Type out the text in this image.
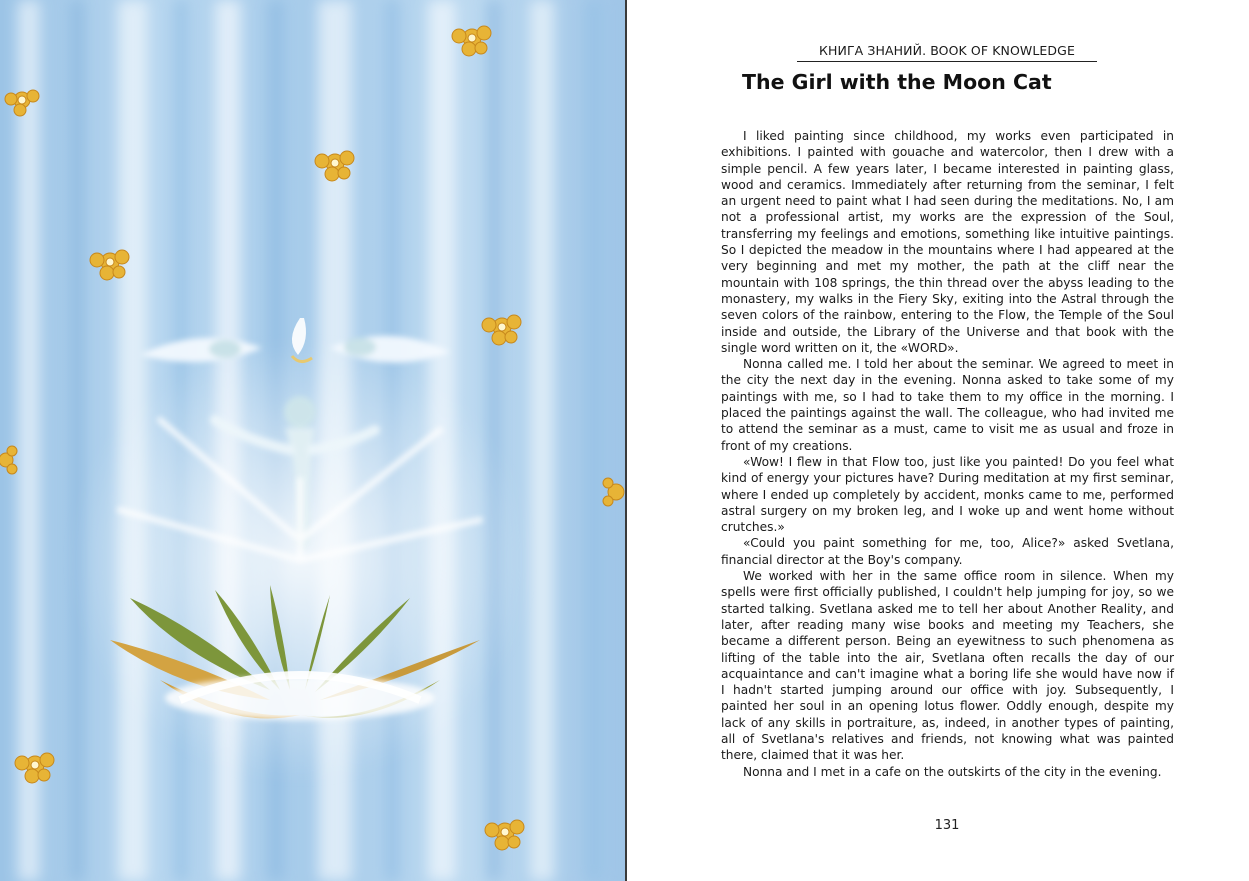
КНИГА ЗНАНИЙ. BOOK OF KNOWLEDGE
The Girl with the Moon Cat

I liked painting since childhood, my works even participated in exhibitions. I painted with gouache and watercolor, then I drew with a simple pencil. A few years later, I became interested in painting glass, wood and ceramics. Immediately after returning from the seminar, I felt an urgent need to paint what I had seen during the meditations. No, I am not a professional artist, my works are the expression of the Soul, transferring my feelings and emotions, something like intuitive paintings. So I depicted the meadow in the mountains where I had appeared at the very beginning and met my mother, the path at the cliff near the mountain with 108 springs, the thin thread over the abyss leading to the monastery, my walks in the Fiery Sky, exiting into the Astral through the seven colors of the rainbow, entering to the Flow, the Temple of the Soul inside and outside, the Library of the Universe and that book with the single word written on it, the «WORD».

Nonna called me. I told her about the seminar. We agreed to meet in the city the next day in the evening. Nonna asked to take some of my paintings with me, so I had to take them to my office in the morning. I placed the paintings against the wall. The colleague, who had invited me to attend the seminar as a must, came to visit me as usual and froze in front of my creations.

«Wow! I flew in that Flow too, just like you painted! Do you feel what kind of energy your pictures have? During meditation at my first seminar, where I ended up completely by accident, monks came to me, performed astral surgery on my broken leg, and I woke up and went home without crutches.»

«Could you paint something for me, too, Alice?» asked Svetlana, financial director at the Boy's company.

We worked with her in the same office room in silence. When my spells were first officially published, I couldn't help jumping for joy, so we started talking. Svetlana asked me to tell her about Another Reality, and later, after reading many wise books and meeting my Teachers, she became a different person. Being an eyewitness to such phenomena as lifting of the table into the air, Svetlana often recalls the day of our acquaintance and can't imagine what a boring life she would have now if I hadn't started jumping around our office with joy. Subsequently, I painted her soul in an opening lotus flower. Oddly enough, despite my lack of any skills in portraiture, as, indeed, in another types of painting, all of Svetlana's relatives and friends, not knowing what was painted there, claimed that it was her.

Nonna and I met in a cafe on the outskirts of the city in the evening.

131
